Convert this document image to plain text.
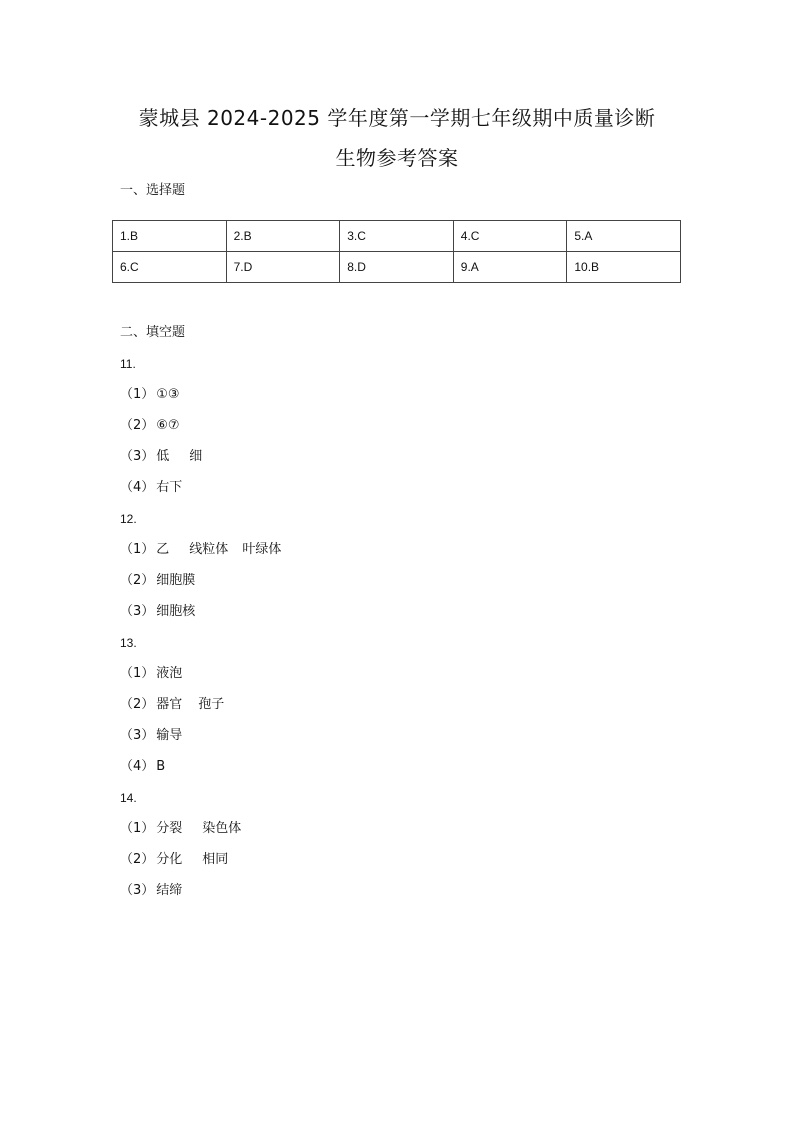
蒙城县 2024-2025 学年度第一学期七年级期中质量诊断
生物参考答案
一、选择题
1.B	2.B	3.C	4.C	5.A
6.C	7.D	8.D	9.A	10.B
二、填空题
11.
（1） ①③
（2） ⑥⑦
（3） 低 细
（4） 右下
12.
（1） 乙 线粒体 叶绿体
（2） 细胞膜
（3） 细胞核
13.
（1） 液泡
（2） 器官 孢子
（3） 输导
（4） B
14.
（1） 分裂 染色体
（2） 分化 相同
（3） 结缔
